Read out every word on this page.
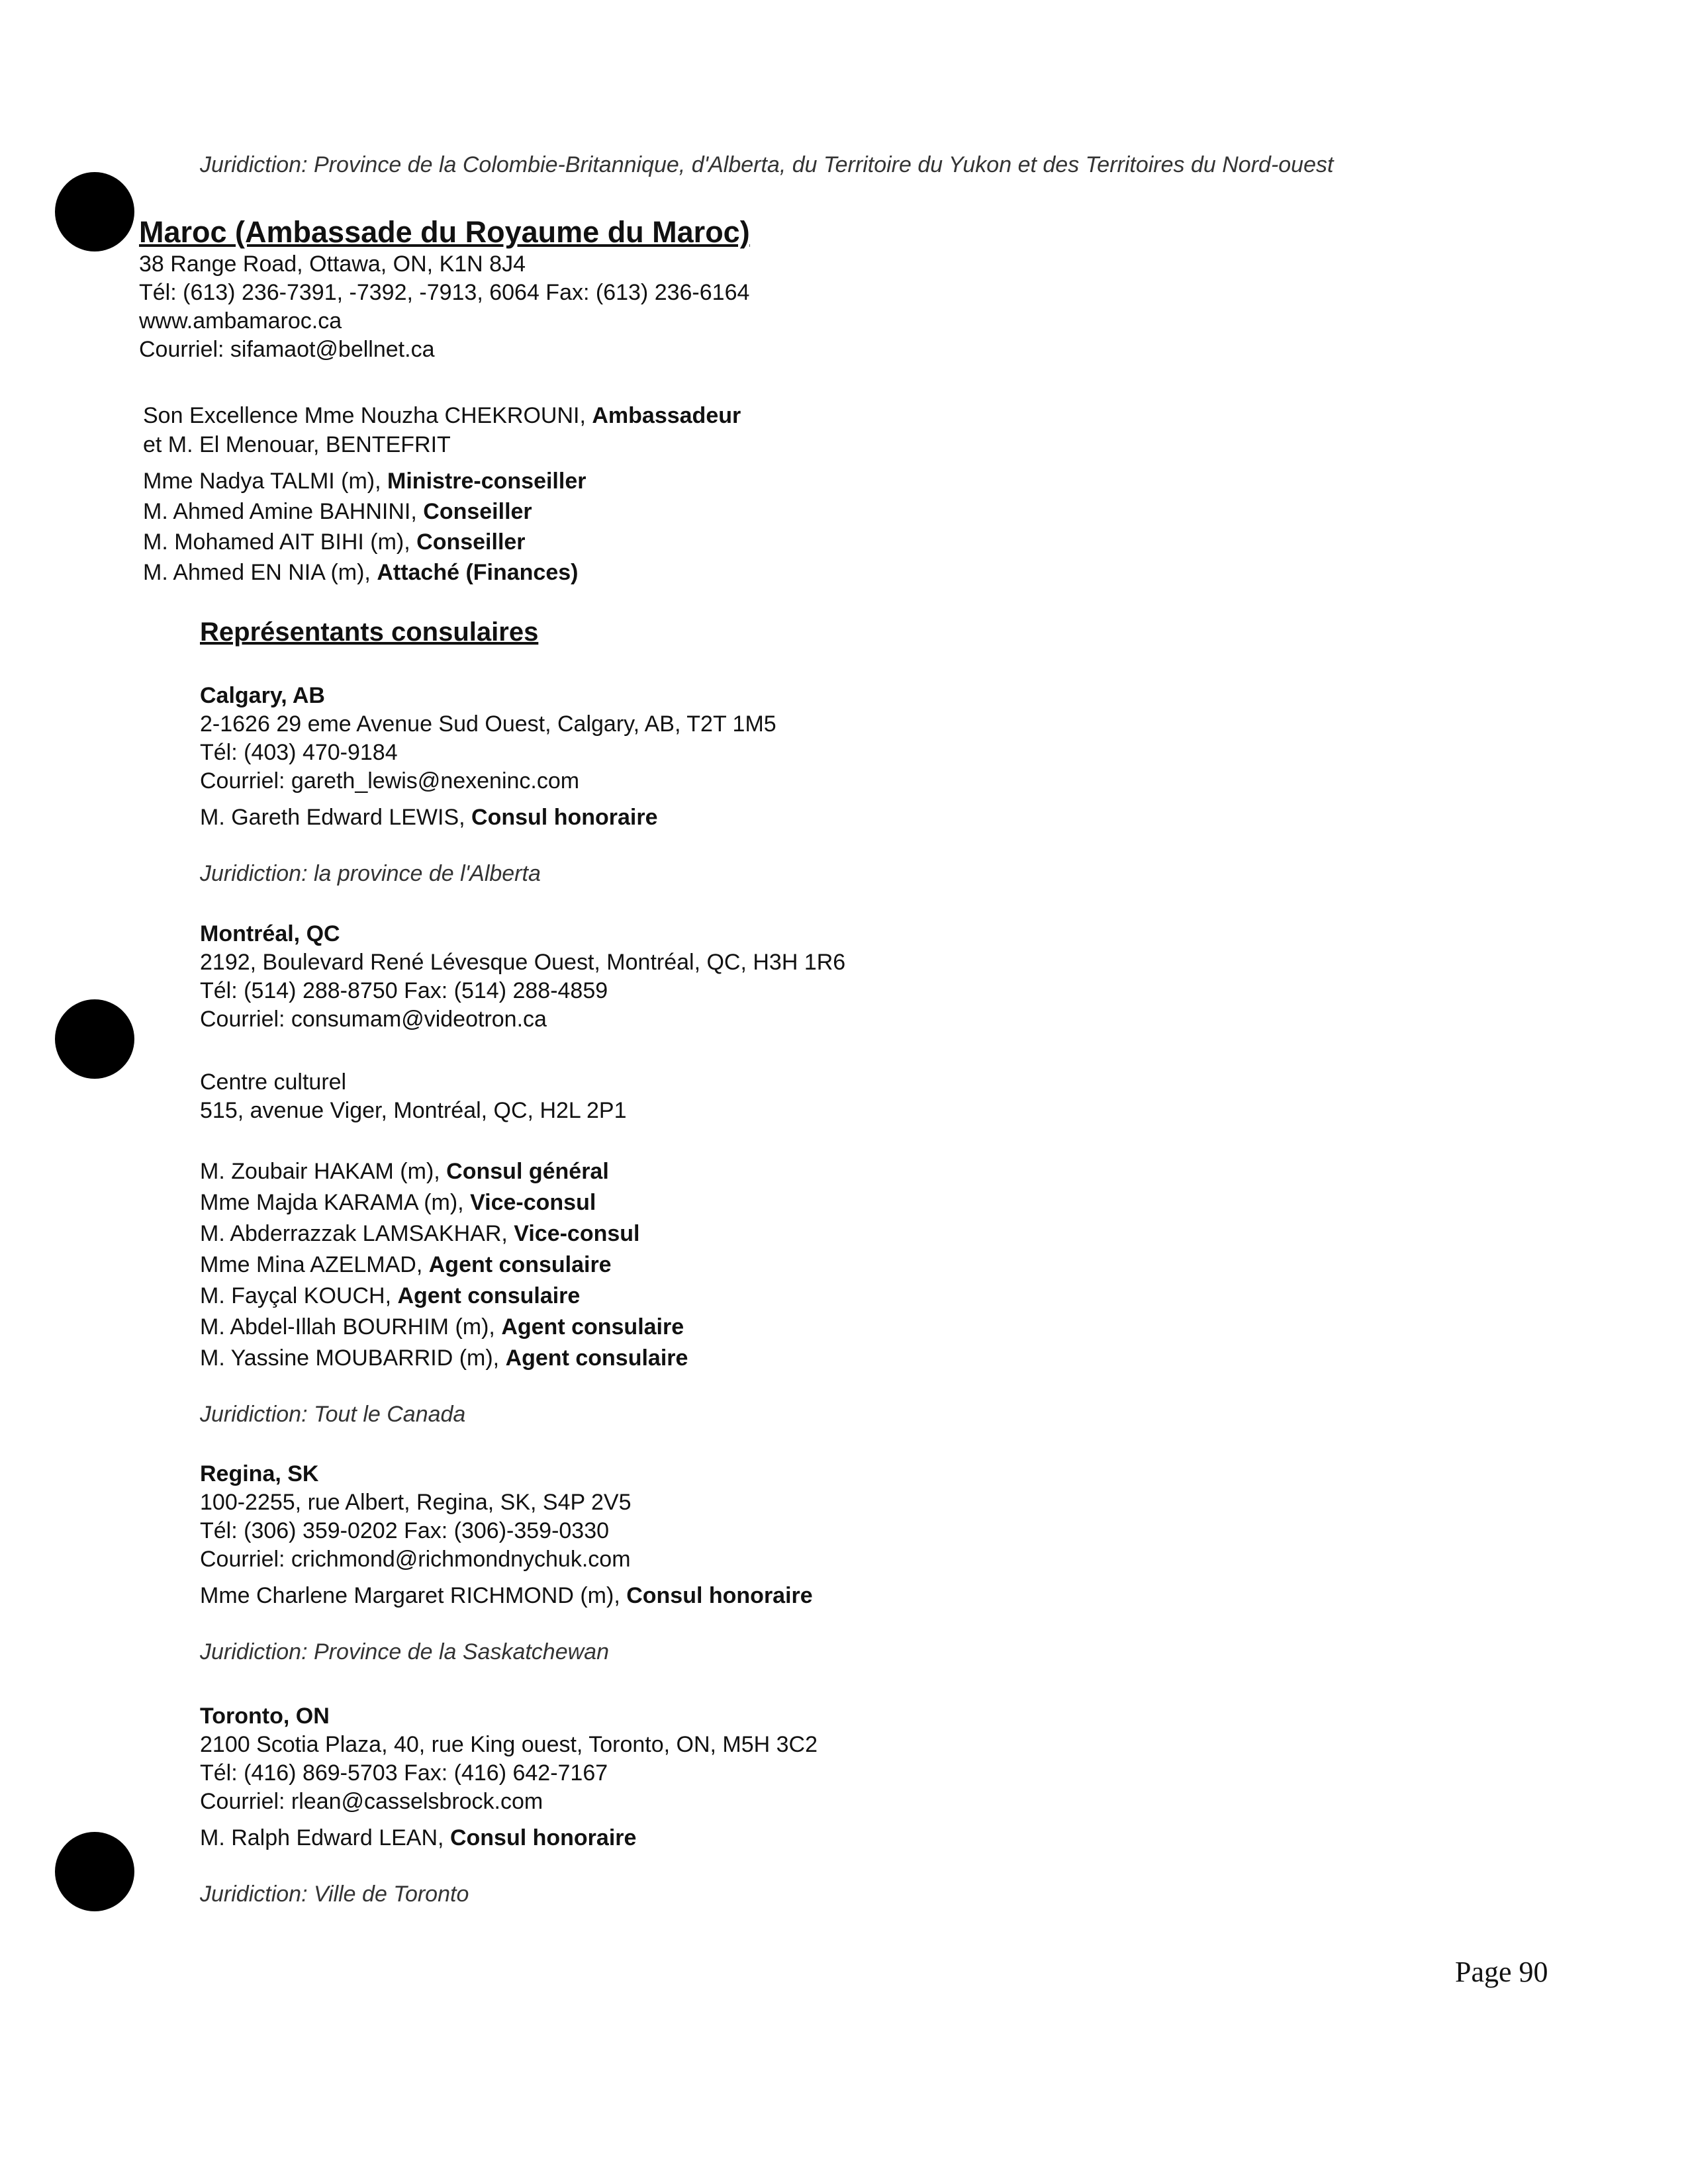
Juridiction: Province de la Colombie-Britannique, d'Alberta, du Territoire du Yukon et des Territoires du Nord-ouest
Maroc (Ambassade du Royaume du Maroc)
38 Range Road, Ottawa, ON, K1N 8J4
Tél: (613) 236-7391, -7392, -7913, 6064 Fax: (613) 236-6164
www.ambamaroc.ca
Courriel: sifamaot@bellnet.ca
Son Excellence Mme Nouzha CHEKROUNI, Ambassadeur
et M. El Menouar, BENTEFRIT
Mme Nadya TALMI (m), Ministre-conseiller
M. Ahmed Amine BAHNINI, Conseiller
M. Mohamed AIT BIHI (m), Conseiller
M. Ahmed EN NIA (m), Attaché (Finances)
Représentants consulaires
Calgary, AB
2-1626 29 eme Avenue Sud Ouest, Calgary, AB, T2T 1M5
Tél: (403) 470-9184
Courriel: gareth_lewis@nexeninc.com
M. Gareth Edward LEWIS, Consul honoraire
Juridiction: la province de l'Alberta
Montréal, QC
2192, Boulevard René Lévesque Ouest, Montréal, QC, H3H 1R6
Tél: (514) 288-8750 Fax: (514) 288-4859
Courriel: consumam@videotron.ca
Centre culturel
515, avenue Viger, Montréal, QC, H2L 2P1
M. Zoubair HAKAM (m), Consul général
Mme Majda KARAMA (m), Vice-consul
M. Abderrazzak LAMSAKHAR, Vice-consul
Mme Mina AZELMAD, Agent consulaire
M. Fayçal KOUCH, Agent consulaire
M. Abdel-Illah BOURHIM (m), Agent consulaire
M. Yassine MOUBARRID (m), Agent consulaire
Juridiction: Tout le Canada
Regina, SK
100-2255, rue Albert, Regina, SK, S4P 2V5
Tél: (306) 359-0202 Fax: (306)-359-0330
Courriel: crichmond@richmondnychuk.com
Mme Charlene Margaret RICHMOND (m), Consul honoraire
Juridiction: Province de la Saskatchewan
Toronto, ON
2100 Scotia Plaza, 40, rue King ouest, Toronto, ON, M5H 3C2
Tél: (416) 869-5703 Fax: (416) 642-7167
Courriel: rlean@casselsbrock.com
M. Ralph Edward LEAN, Consul honoraire
Juridiction: Ville de Toronto
Page 90
